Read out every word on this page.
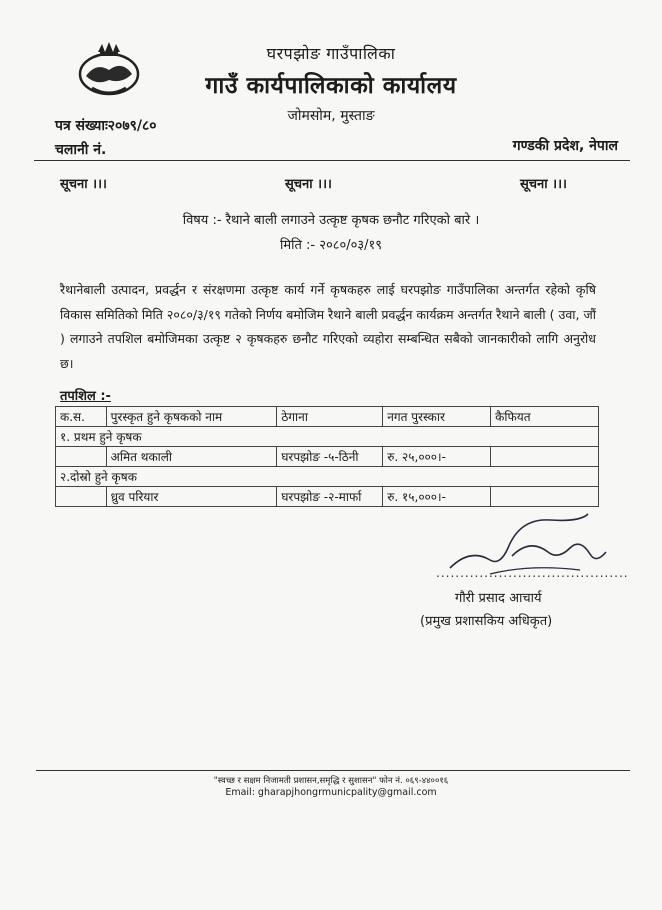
घरपझोङ गाउँपालिका
गाउँ कार्यपालिकाको कार्यालय
जोमसोम, मुस्ताङ
पत्र संख्याः२०७९/८०
चलानी नं.	गण्डकी प्रदेश, नेपाल
सूचना ।।।	सूचना ।।।	सूचना ।।।
विषय :- रैथाने बाली लगाउने उत्कृष्ट कृषक छनौट गरिएको बारे ।
मिति :- २०८०/०३/१९
रैथानेबाली उत्पादन, प्रवर्द्धन र संरक्षणमा उत्कृष्ट कार्य गर्ने कृषकहरु लाई घरपझोङ गाउँपालिका अन्तर्गत रहेको कृषि विकास समितिको मिति २०८०/३/१९ गतेको निर्णय बमोजिम रैथाने बाली प्रवर्द्धन कार्यक्रम अन्तर्गत रैथाने बाली ( उवा, जौं ) लगाउने तपशिल बमोजिमका उत्कृष्ट २ कृषकहरु छनौट गरिएको व्यहोरा सम्बन्धित सबैको जानकारीको लागि अनुरोध छ।
तपशिल :-
क.स.	पुरस्कृत हुने कृषकको नाम	ठेगाना	नगत पुरस्कार	कैफियत
१. प्रथम हुने कृषक				
	अमित थकाली	घरपझोङ -५-ठिनी	रु. २५,०००।-	
२.दोस्रो हुने कृषक				
	ध्रुव परियार	घरपझोङ -२-मार्फा	रु. १५,०००।-	
........................................
गौरी प्रसाद आचार्य
(प्रमुख प्रशासकिय अधिकृत)
"स्वच्छ र सक्षम निजामती प्रशासन,समृद्धि र सुशासन" फोन नं. ०६९-४४००१६
Email: gharapjhongrmunicpality@gmail.com
